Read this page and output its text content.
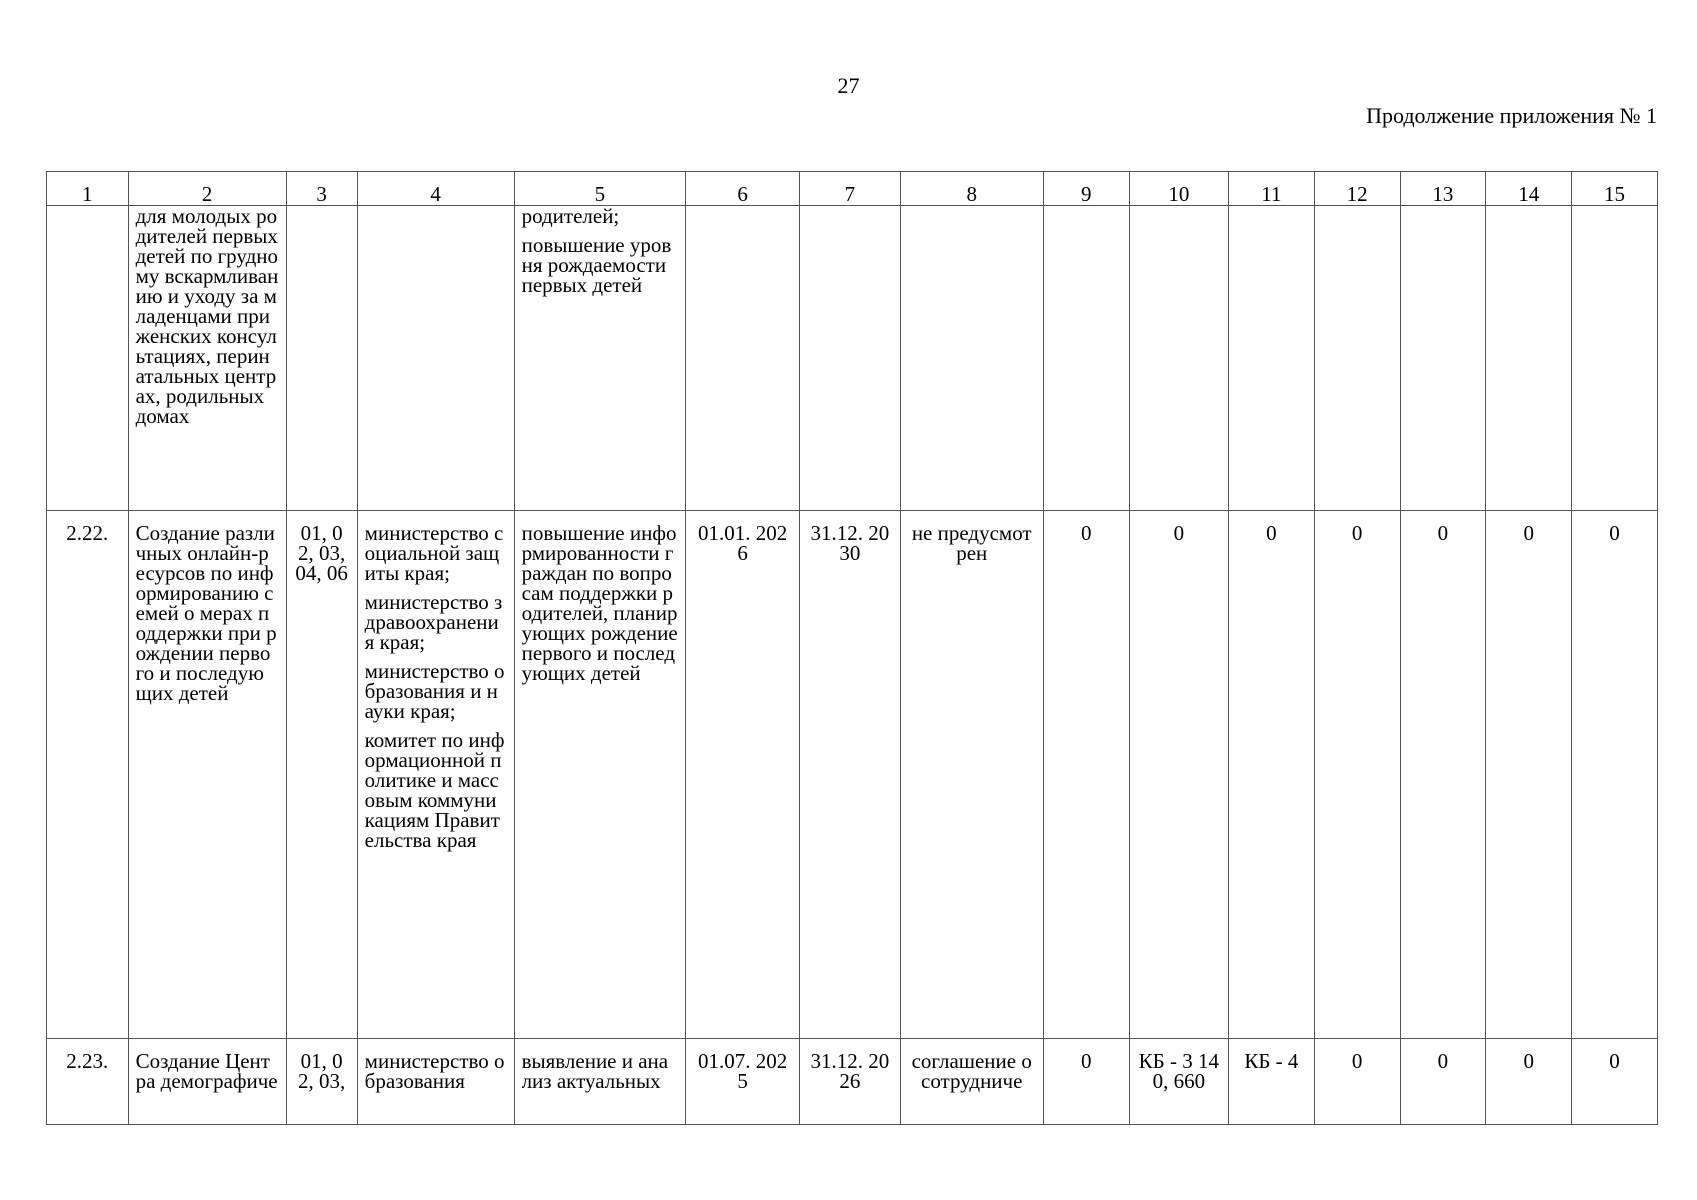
27
Продолжение приложения № 1
1	2	3	4	5	6	7	8	9	10	11	12	13	14	15
	для молодых родителей первых детей по грудному вскармливанию и уходу за младенцами при женских консультациях, перинатальных центрах, родильных домах			родителей;
повышение уровня рождаемости первых детей										

2.22.	Создание различных онлайн-ресурсов по информированию семей о мерах поддержки при рождении первого и последующих детей	01, 02, 03, 04, 06	министерство социальной защиты края;
министерство здравоохранения края;
министерство образования и науки края;
комитет по информационной политике и массовым коммуникациям Правительства края	повышение информированности граждан по вопросам поддержки родителей, планирующих рождение первого и последующих детей	01.01. 2026	31.12. 2030	не предусмотрен	0	0	0	0	0	0	0
2.23.	Создание Центра демографиче	01, 02, 03,	министерство образования	выявление и анализ актуальных	01.07. 2025	31.12. 2026	соглашение о сотрудниче	0	КБ - 3 140, 660	КБ - 4	0	0	0	0
